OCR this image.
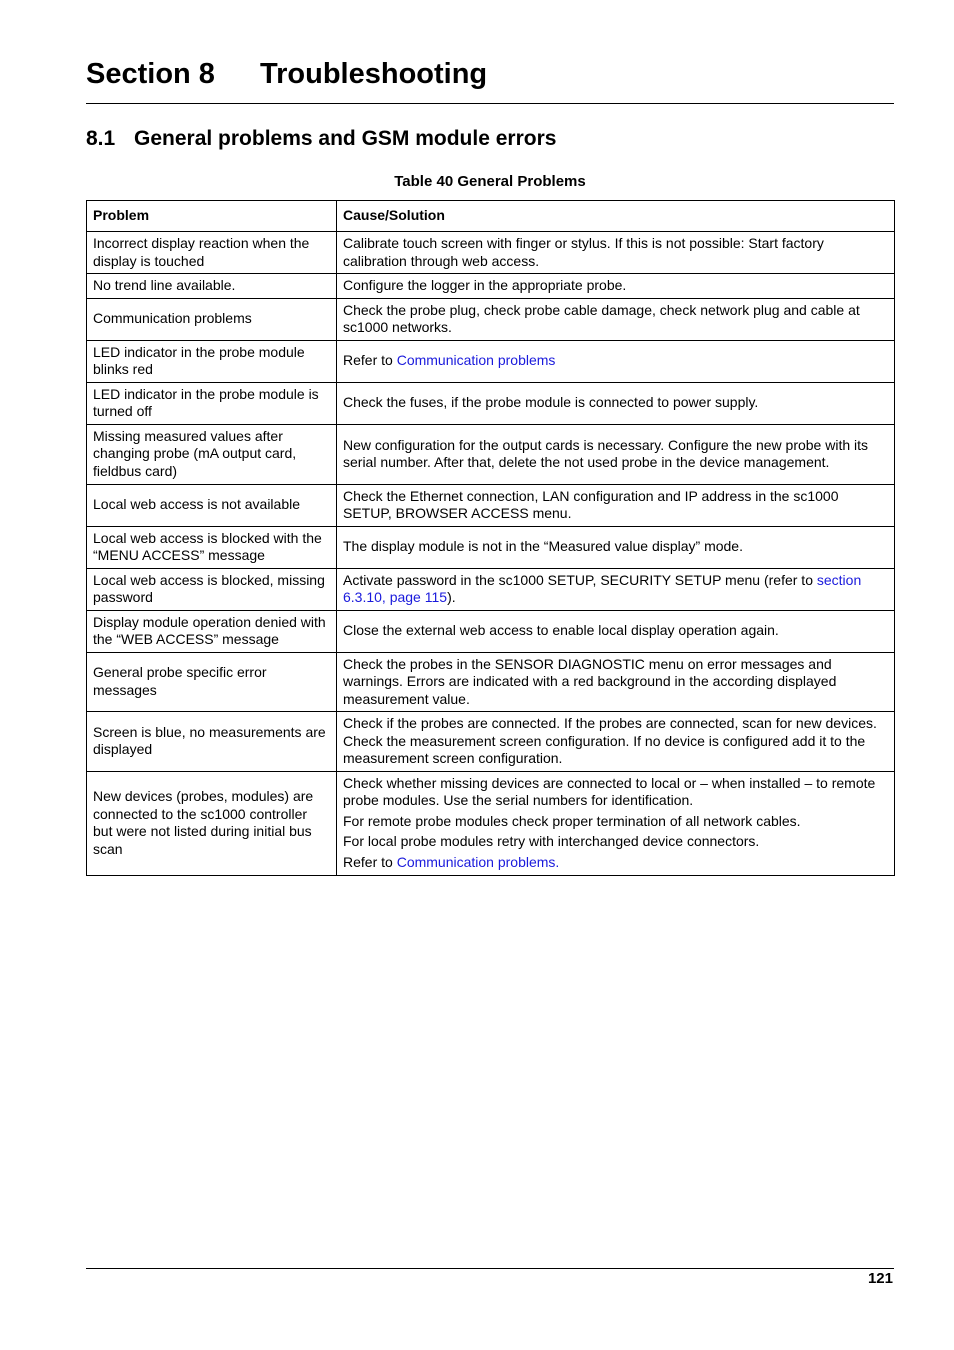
Section 8 Troubleshooting
8.1 General problems and GSM module errors
Table 40 General Problems
Problem	Cause/Solution
Incorrect display reaction when the display is touched	Calibrate touch screen with finger or stylus. If this is not possible: Start factory calibration through web access.

No trend line available.	Configure the logger in the appropriate probe.

Communication problems	Check the probe plug, check probe cable damage, check network plug and cable at sc1000 networks.

LED indicator in the probe module blinks red	Refer to Communication problems

LED indicator in the probe module is turned off	Check the fuses, if the probe module is connected to power supply.

Missing measured values after changing probe (mA output card, fieldbus card)	New configuration for the output cards is necessary. Configure the new probe with its serial number. After that, delete the not used probe in the device management.

Local web access is not available	Check the Ethernet connection, LAN configuration and IP address in the sc1000 SETUP, BROWSER ACCESS menu.

Local web access is blocked with the “MENU ACCESS” message	The display module is not in the “Measured value display” mode.

Local web access is blocked, missing password	Activate password in the sc1000 SETUP, SECURITY SETUP menu (refer to section 6.3.10, page 115).

Display module operation denied with the “WEB ACCESS” message	Close the external web access to enable local display operation again.

General probe specific error messages	Check the probes in the SENSOR DIAGNOSTIC menu on error messages and warnings. Errors are indicated with a red background in the according displayed measurement value.

Screen is blue, no measurements are displayed	Check if the probes are connected. If the probes are connected, scan for new devices. Check the measurement screen configuration. If no device is configured add it to the measurement screen configuration.

New devices (probes, modules) are connected to the sc1000 controller but were not listed during initial bus scan	Check whether missing devices are connected to local or – when installed – to remote probe modules. Use the serial numbers for identification.

For remote probe modules check proper termination of all network cables.

For local probe modules retry with interchanged device connectors.

Refer to Communication problems.

121
